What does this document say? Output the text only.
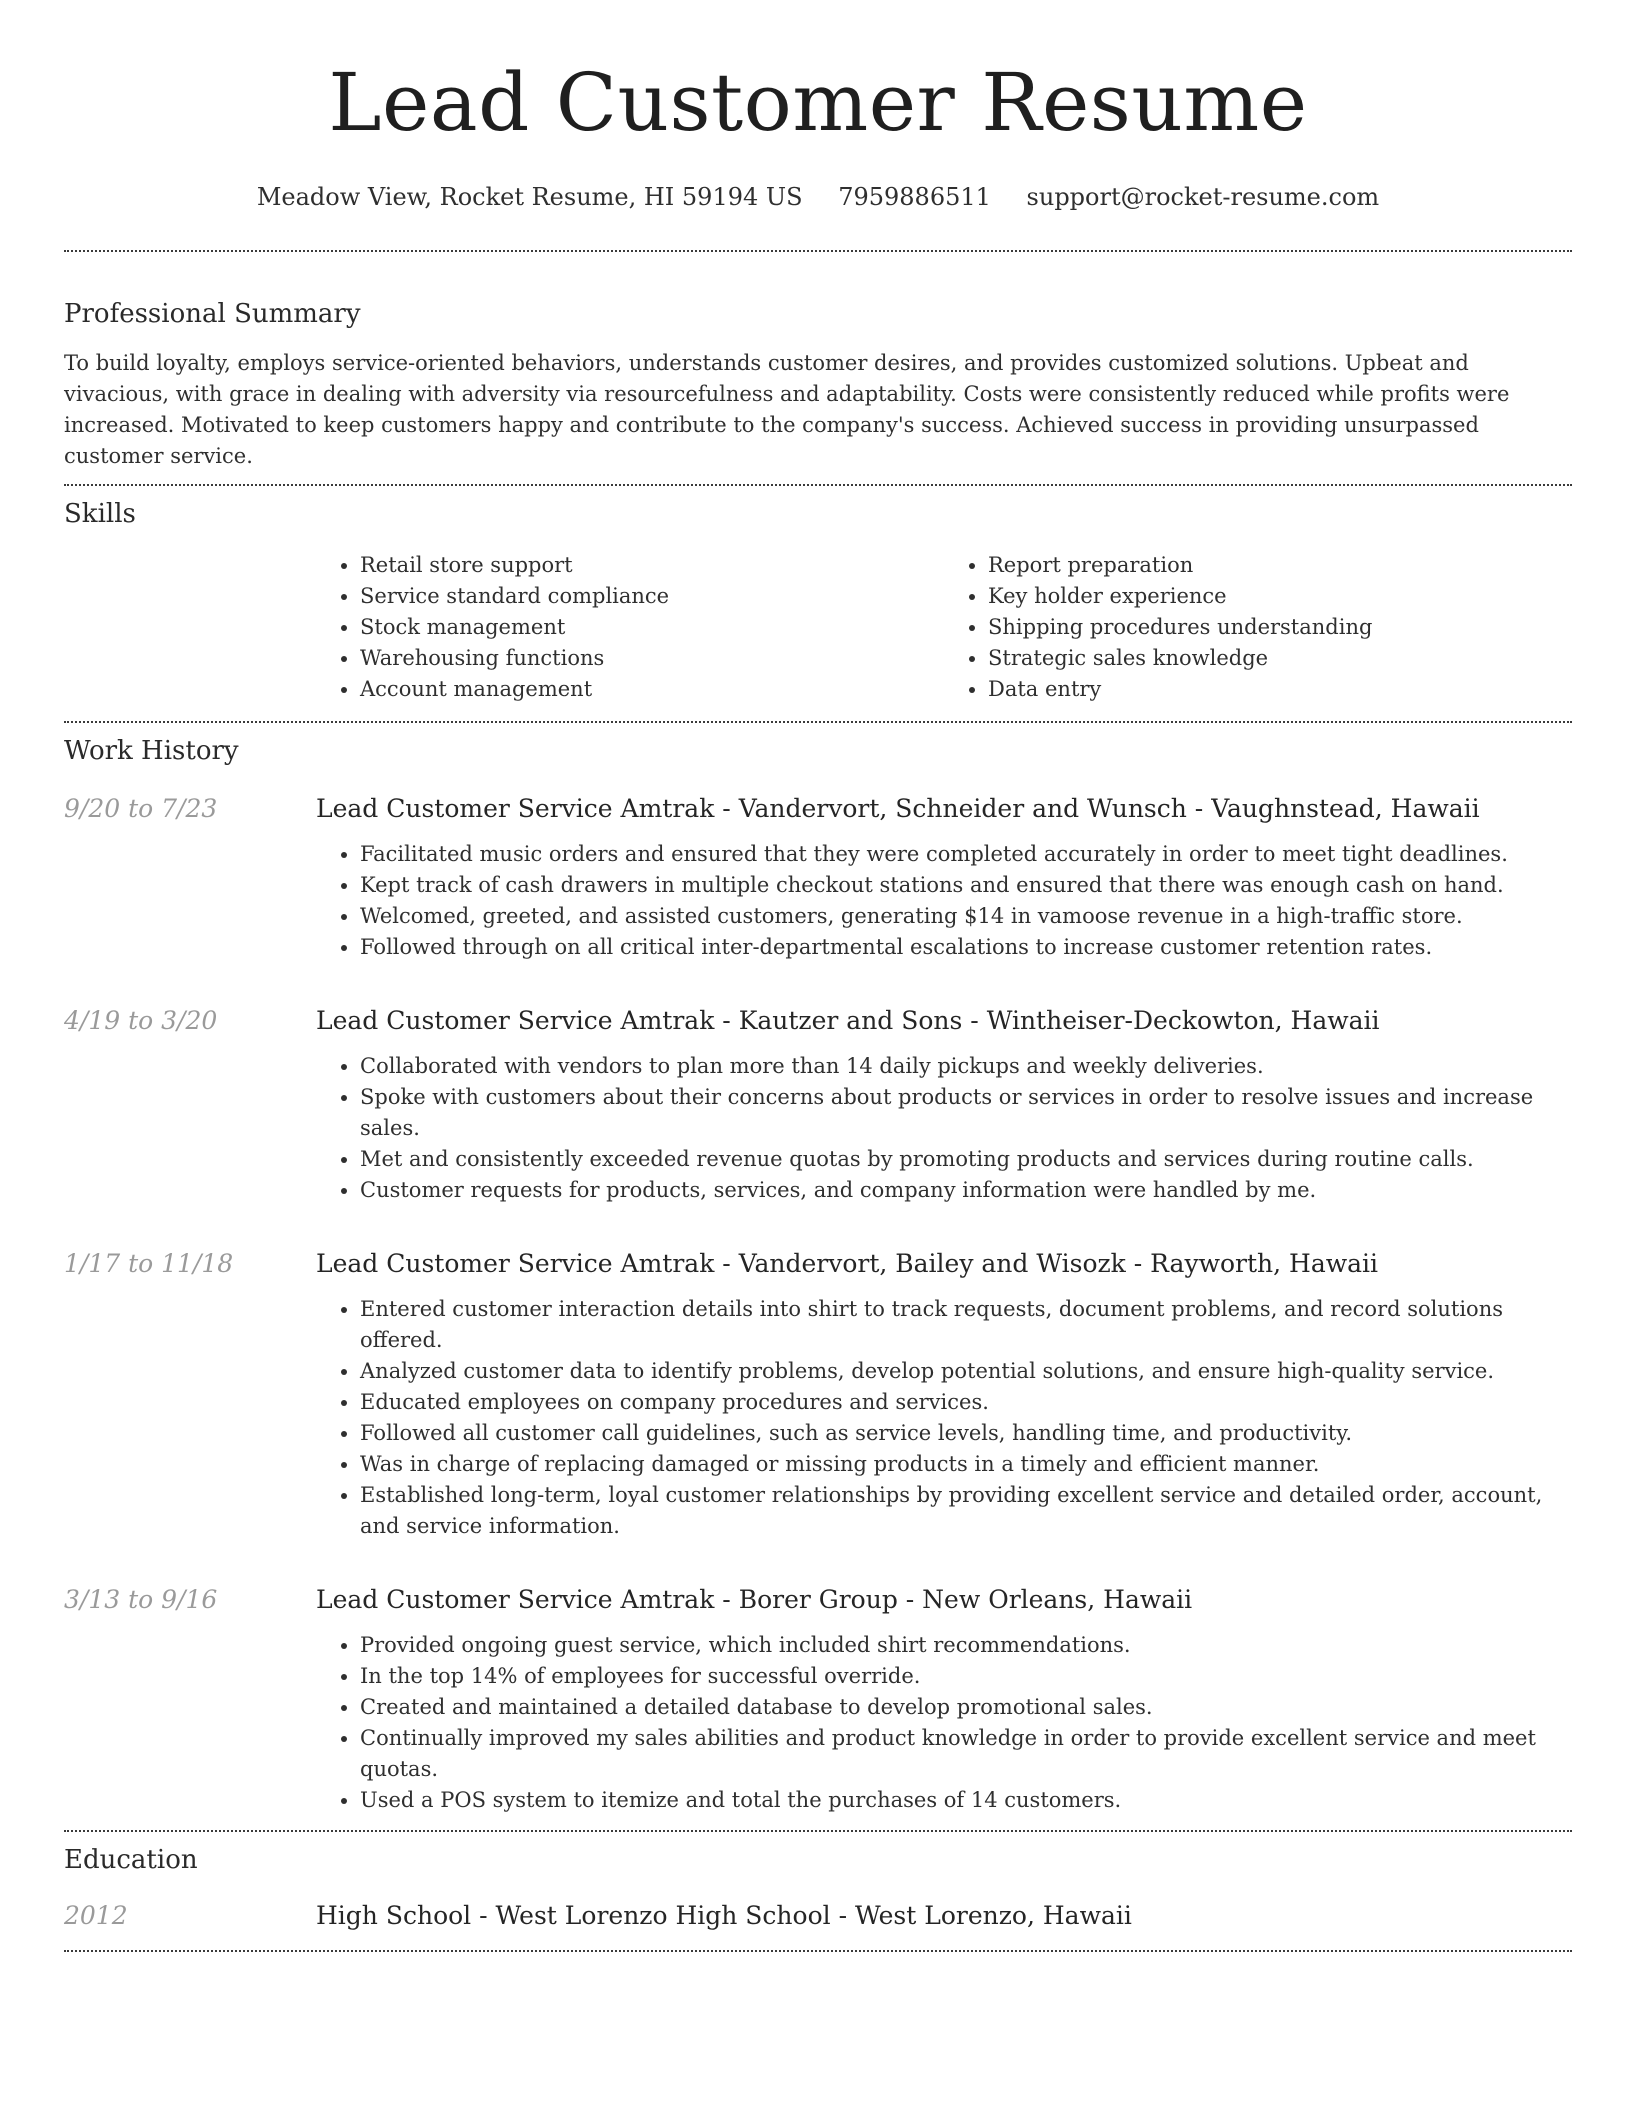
Lead Customer Resume
Meadow View, Rocket Resume, HI 59194 US 7959886511 support@rocket-resume.com
Professional Summary

To build loyalty, employs service-oriented behaviors, understands customer desires, and provides customized solutions. Upbeat and vivacious, with grace in dealing with adversity via resourcefulness and adaptability. Costs were consistently reduced while profits were increased. Motivated to keep customers happy and contribute to the company's success. Achieved success in providing unsurpassed customer service.

Skills
• Retail store support
• Service standard compliance
• Stock management
• Warehousing functions
• Account management
• Report preparation
• Key holder experience
• Shipping procedures understanding
• Strategic sales knowledge
• Data entry
Work History
9/20 to 7/23	Lead Customer Service Amtrak - Vandervort, Schneider and Wunsch - Vaughnstead, Hawaii
• Facilitated music orders and ensured that they were completed accurately in order to meet tight deadlines.
• Kept track of cash drawers in multiple checkout stations and ensured that there was enough cash on hand.
• Welcomed, greeted, and assisted customers, generating $14 in vamoose revenue in a high-traffic store.
• Followed through on all critical inter-departmental escalations to increase customer retention rates.
4/19 to 3/20	Lead Customer Service Amtrak - Kautzer and Sons - Wintheiser-Deckowton, Hawaii
• Collaborated with vendors to plan more than 14 daily pickups and weekly deliveries.
• Spoke with customers about their concerns about products or services in order to resolve issues and increase sales.
• Met and consistently exceeded revenue quotas by promoting products and services during routine calls.
• Customer requests for products, services, and company information were handled by me.
1/17 to 11/18	Lead Customer Service Amtrak - Vandervort, Bailey and Wisozk - Rayworth, Hawaii
• Entered customer interaction details into shirt to track requests, document problems, and record solutions offered.
• Analyzed customer data to identify problems, develop potential solutions, and ensure high-quality service.
• Educated employees on company procedures and services.
• Followed all customer call guidelines, such as service levels, handling time, and productivity.
• Was in charge of replacing damaged or missing products in a timely and efficient manner.
• Established long-term, loyal customer relationships by providing excellent service and detailed order, account, and service information.
3/13 to 9/16	Lead Customer Service Amtrak - Borer Group - New Orleans, Hawaii
• Provided ongoing guest service, which included shirt recommendations.
• In the top 14% of employees for successful override.
• Created and maintained a detailed database to develop promotional sales.
• Continually improved my sales abilities and product knowledge in order to provide excellent service and meet quotas.
• Used a POS system to itemize and total the purchases of 14 customers.
Education
2012	High School - West Lorenzo High School - West Lorenzo, Hawaii
